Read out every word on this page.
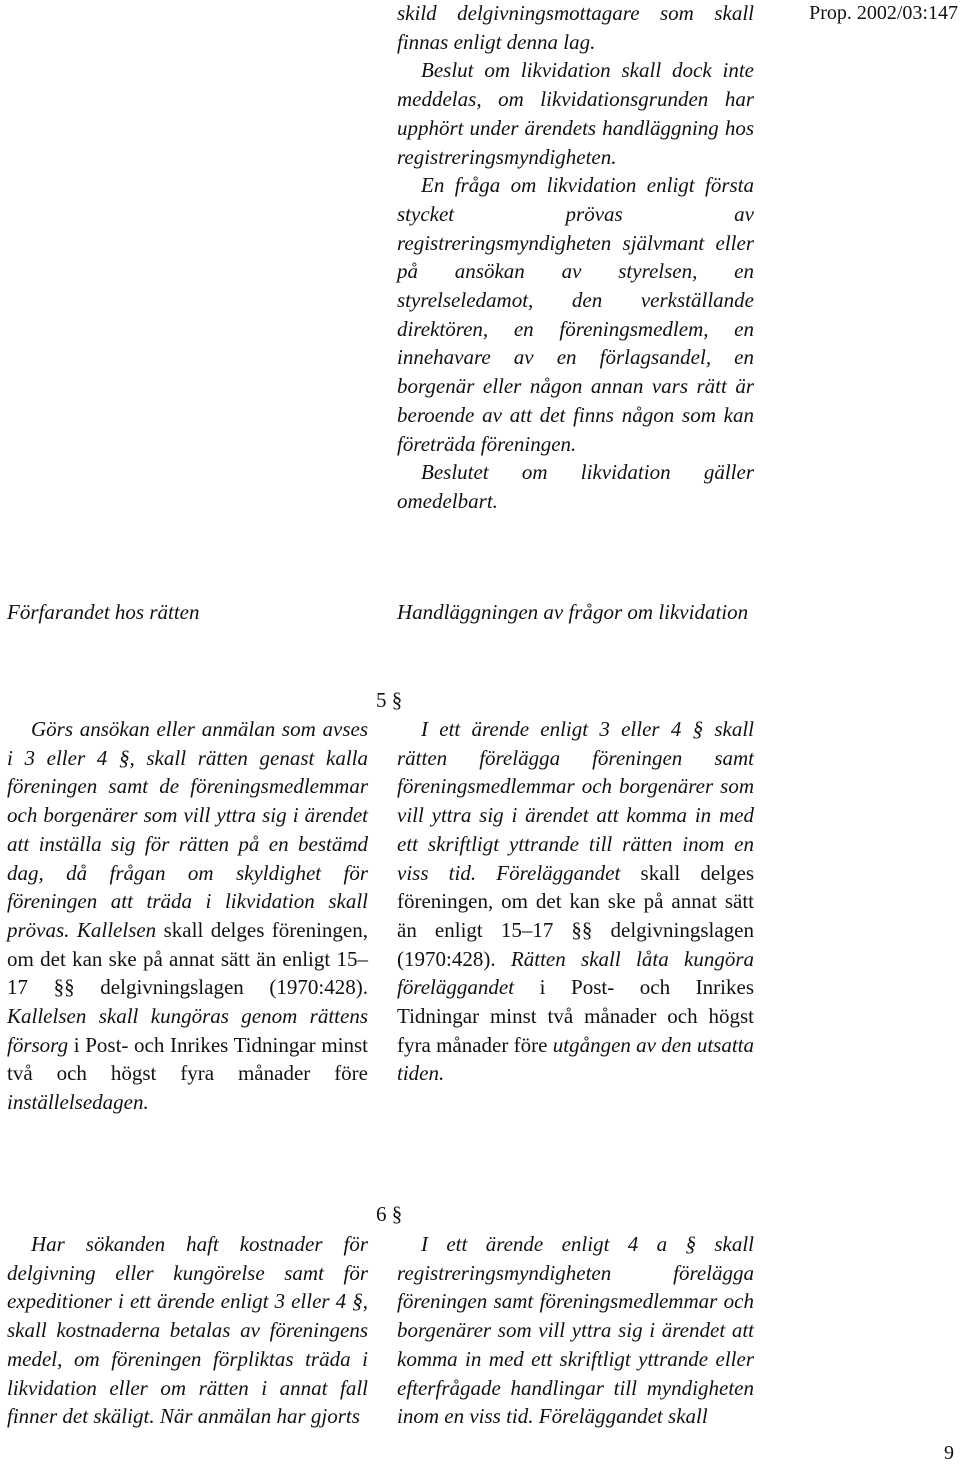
Prop. 2002/03:147

skild delgivningsmottagare som skall finnas enligt denna lag.

Beslut om likvidation skall dock inte meddelas, om likvidationsgrunden har upphört under ärendets handläggning hos registreringsmyndigheten.

En fråga om likvidation enligt första stycket prövas av registreringsmyndigheten självmant eller på ansökan av styrelsen, en styrelseledamot, den verkställande direktören, en föreningsmedlem, en innehavare av en förlagsandel, en borgenär eller någon annan vars rätt är beroende av att det finns någon som kan företräda föreningen.

Beslutet om likvidation gäller omedelbart.

Förfarandet hos rätten	Handläggningen av frågor om likvidation
5 §

Görs ansökan eller anmälan som avses i 3 eller 4 §, skall rätten genast kalla föreningen samt de föreningsmedlemmar och borgenärer som vill yttra sig i ärendet att inställa sig för rätten på en bestämd dag, då frågan om skyldighet för föreningen att träda i likvidation skall prövas. Kallelsen skall delges föreningen, om det kan ske på annat sätt än enligt 15–17 §§ delgivningslagen (1970:428). Kallelsen skall kungöras genom rättens försorg i Post- och Inrikes Tidningar minst två och högst fyra månader före inställelsedagen.

I ett ärende enligt 3 eller 4 § skall rätten förelägga föreningen samt föreningsmedlemmar och borgenärer som vill yttra sig i ärendet att komma in med ett skriftligt yttrande till rätten inom en viss tid. Föreläggandet skall delges föreningen, om det kan ske på annat sätt än enligt 15–17 §§ delgivningslagen (1970:428). Rätten skall låta kungöra föreläggandet i Post- och Inrikes Tidningar minst två månader och högst fyra månader före utgången av den utsatta tiden.

6 §

Har sökanden haft kostnader för delgivning eller kungörelse samt för expeditioner i ett ärende enligt 3 eller 4 §, skall kostnaderna betalas av föreningens medel, om föreningen förpliktas träda i likvidation eller om rätten i annat fall finner det skäligt. När anmälan har gjorts

I ett ärende enligt 4 a § skall registreringsmyndigheten förelägga föreningen samt föreningsmedlemmar och borgenärer som vill yttra sig i ärendet att komma in med ett skriftligt yttrande eller efterfrågade handlingar till myndigheten inom en viss tid. Föreläggandet skall

9
